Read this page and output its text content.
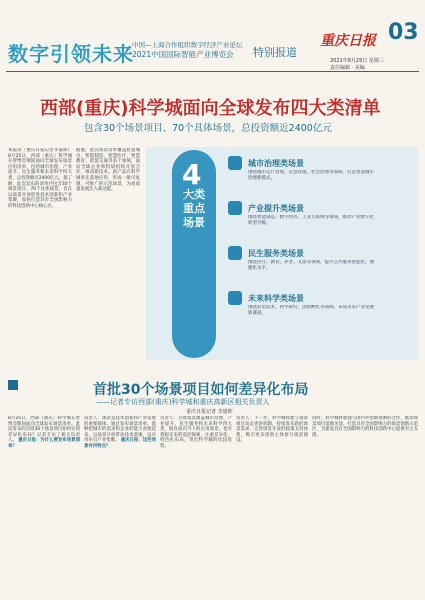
数字引领未来
中国—上海合作组织数字经济产业论坛
2021中国国际智能产业博览会 特别报道
重庆日报 03
2021年8月25日 星期三
责任编辑 · 美编
西部(重庆)科学城面向全球发布四大类清单
包含30个场景项目、70个具体场景，总投资额近2400亿元
本报讯（重庆日报记者李晟晖）8月25日，西部（重庆）科学城在智博会期间面向全球发布场景应用清单，包括城市治理、产业提升、民生服务和未来科学四大类，总投资额近2400亿元。据了解，此次发布的清单共包含30个场景项目、70个具体场景，旨在以场景开放促进技术创新和产业集聚，加快打造具有全国影响力的科技创新中心核心区。
据悉，此次场景清单覆盖智慧城市、智能制造、智慧医疗、智慧教育、智慧交通等多个领域，面向全球企业和科研机构开放合作，推动新技术、新产品在科学城率先落地应用，形成一批可复制、可推广的示范场景，为高质量发展注入新动能。	4
大类重点场景
城市治理类场景
围绕城市运行管理、应急管理、社会治理等领域，打造智慧城市治理新模式。
产业提升类场景
围绕智能制造、数字经济、工业互联网等领域，推动产业数字化转型升级。
民生服务类场景
围绕医疗、教育、养老、文旅等领域，提升公共服务智能化、便捷化水平。
未来科学类场景
围绕前沿技术、科学研究、创新孵化等领域，布局未来产业发展新赛道。
首批30个场景项目如何差异化布局
——记者专访西部(重庆)科学城和重庆高新区相关负责人
重庆日报记者 李晟晖
8月25日，西部（重庆）科学城在智博会期间面向全球发布场景清单。此次发布的首批30个场景项目如何实现差异化布局？记者专访了相关负责人。 重庆日报：为什么要发布场景清单？
负责人：场景是技术创新和产业发展的重要载体。通过发布场景清单，能够把城市的需求和企业的能力对接起来，以场景开放带动技术落地，以应用牵引产业集聚。 重庆日报：这些场景有何特点？
负责人：首批场景涵盖城市治理、产业提升、民生服务和未来科学四大类，既有面向当下的应用场景，也有着眼未来的前沿探索，注重差异化、特色化布局，突出科学城的比较优势。
负责人：下一步，科学城将建立场景项目动态更新机制，持续发布新的场景需求，完善场景开放的政策支持体系，吸引更多创新主体参与场景建设。
同时，科学城将加强与国内外创新资源的合作，推动场景项目落地见效，打造具有全国影响力的场景创新示范区，为建设具有全国影响力的科技创新中心提供有力支撑。
